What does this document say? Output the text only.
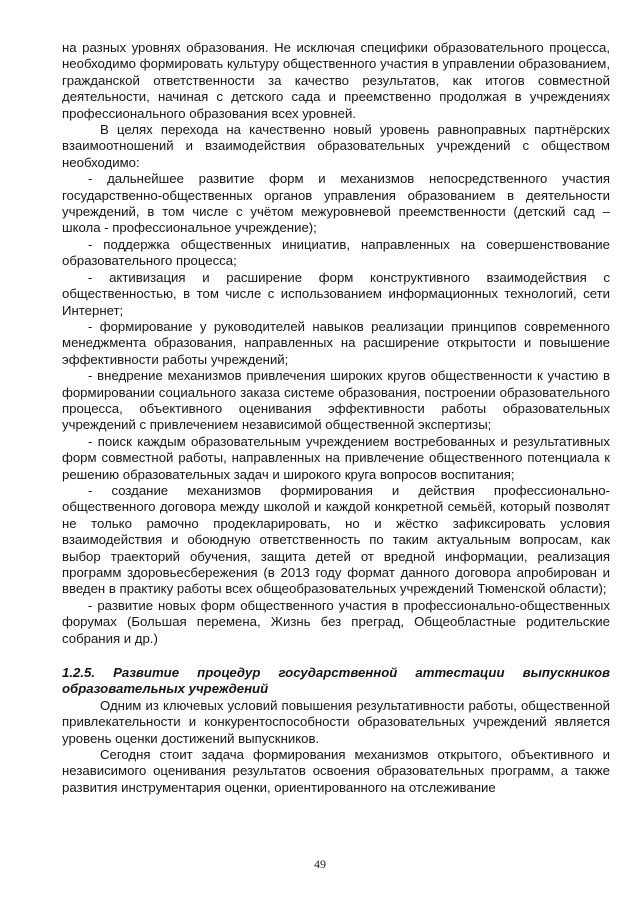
на разных уровнях образования. Не исключая специфики образовательного процесса, необходимо формировать культуру общественного участия в управлении образованием, гражданской ответственности за качество результатов, как итогов совместной деятельности, начиная с детского сада и преемственно продолжая в учреждениях профессионального образования всех уровней.

В целях перехода на качественно новый уровень равноправных партнёрских взаимоотношений и взаимодействия образовательных учреждений с обществом необходимо:

- дальнейшее развитие форм и механизмов непосредственного участия государственно-общественных органов управления образованием в деятельности учреждений, в том числе с учётом межуровневой преемственности (детский сад – школа - профессиональное учреждение);

- поддержка общественных инициатив, направленных на совершенствование образовательного процесса;

- активизация и расширение форм конструктивного взаимодействия с общественностью, в том числе с использованием информационных технологий, сети Интернет;

- формирование у руководителей навыков реализации принципов современного менеджмента образования, направленных на расширение открытости и повышение эффективности работы учреждений;

- внедрение механизмов привлечения широких кругов общественности к участию в формировании социального заказа системе образования, построении образовательного процесса, объективного оценивания эффективности работы образовательных учреждений с привлечением независимой общественной экспертизы;

- поиск каждым образовательным учреждением востребованных и результативных форм совместной работы, направленных на привлечение общественного потенциала к решению образовательных задач и широкого круга вопросов воспитания;

- создание механизмов формирования и действия профессионально-общественного договора между школой и каждой конкретной семьёй, который позволят не только рамочно продекларировать, но и жёстко зафиксировать условия взаимодействия и обоюдную ответственность по таким актуальным вопросам, как выбор траекторий обучения, защита детей от вредной информации, реализация программ здоровьесбережения (в 2013 году формат данного договора апробирован и введен в практику работы всех общеобразовательных учреждений Тюменской области);

- развитие новых форм общественного участия в профессионально-общественных форумах (Большая перемена, Жизнь без преград, Общеобластные родительские собрания и др.)

1.2.5. Развитие процедур государственной аттестации выпускников образовательных учреждений

Одним из ключевых условий повышения результативности работы, общественной привлекательности и конкурентоспособности образовательных учреждений является уровень оценки достижений выпускников.

Сегодня стоит задача формирования механизмов открытого, объективного и независимого оценивания результатов освоения образовательных программ, а также развития инструментария оценки, ориентированного на отслеживание

49
